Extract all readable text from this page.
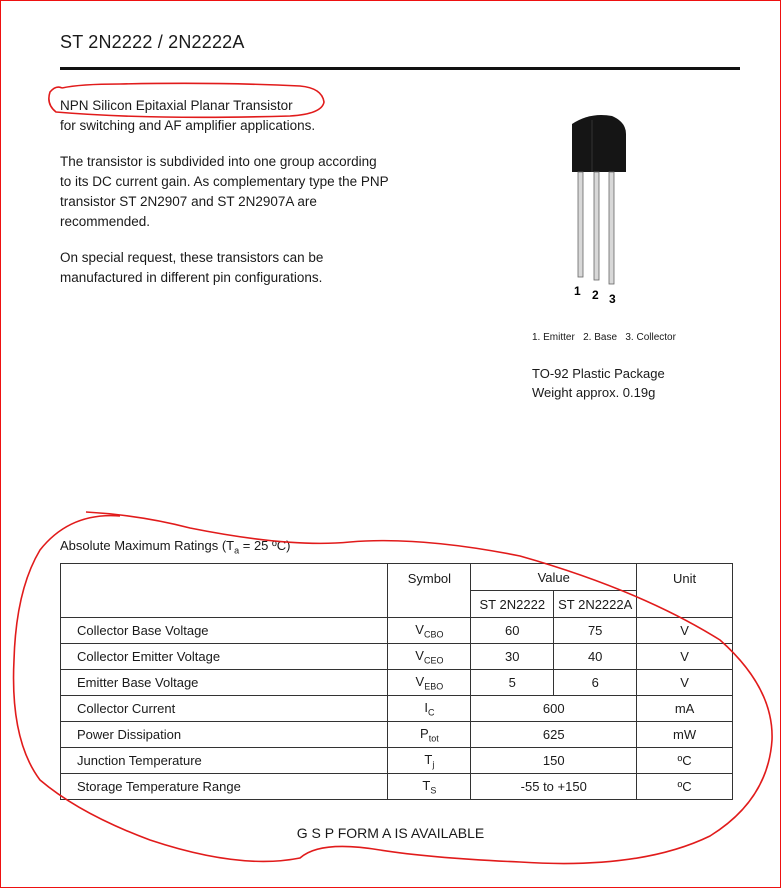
ST 2N2222 / 2N2222A
NPN Silicon Epitaxial Planar Transistor
for switching and AF amplifier applications.
The transistor is subdivided into one group according to its DC current gain. As complementary type the PNP transistor ST 2N2907 and ST 2N2907A are recommended.
On special request, these transistors can be manufactured in different pin configurations.
1 2 3
1. Emitter   2. Base   3. Collector
TO-92 Plastic Package
Weight approx. 0.19g
Absolute Maximum Ratings ($T_a = 25$ ºC)
	Symbol	Value		Unit
		ST 2N2222	ST 2N2222A	
Collector Base Voltage	$V_{CBO}$	60	75	V
Collector Emitter Voltage	$V_{CEO}$	30	40	V
Emitter Base Voltage	$V_{EBO}$	5	6	V
Collector Current	$I_C$	600		mA
Power Dissipation	$P_{tot}$	625		mW
Junction Temperature	$T_j$	150		ºC
Storage Temperature Range	$T_S$	-55 to +150		ºC
G S P FORM A IS AVAILABLE
